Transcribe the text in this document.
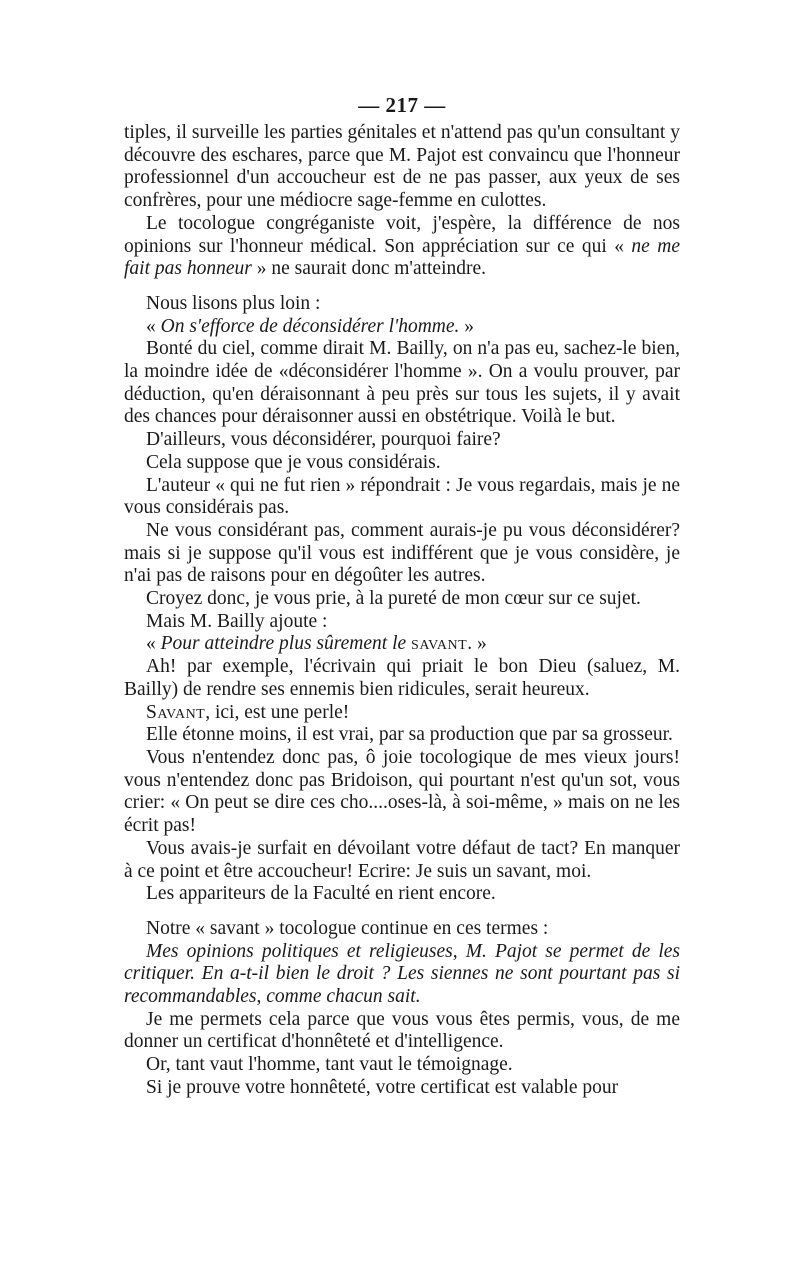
— 217 —

tiples, il surveille les parties génitales et n'attend pas qu'un consultant y découvre des eschares, parce que M. Pajot est convaincu que l'honneur professionnel d'un accoucheur est de ne pas passer, aux yeux de ses confrères, pour une médiocre sage-femme en culottes.

Le tocologue congréganiste voit, j'espère, la différence de nos opinions sur l'honneur médical. Son appréciation sur ce qui « ne me fait pas honneur » ne saurait donc m'atteindre.

Nous lisons plus loin :

« On s'efforce de déconsidérer l'homme. »

Bonté du ciel, comme dirait M. Bailly, on n'a pas eu, sachez-le bien, la moindre idée de «déconsidérer l'homme ». On a voulu prouver, par déduction, qu'en déraisonnant à peu près sur tous les sujets, il y avait des chances pour déraisonner aussi en obstétrique. Voilà le but.

D'ailleurs, vous déconsidérer, pourquoi faire?

Cela suppose que je vous considérais.

L'auteur « qui ne fut rien » répondrait : Je vous regardais, mais je ne vous considérais pas.

Ne vous considérant pas, comment aurais-je pu vous déconsidérer? mais si je suppose qu'il vous est indifférent que je vous considère, je n'ai pas de raisons pour en dégoûter les autres.

Croyez donc, je vous prie, à la pureté de mon cœur sur ce sujet.

Mais M. Bailly ajoute :

« Pour atteindre plus sûrement le savant. »

Ah! par exemple, l'écrivain qui priait le bon Dieu (saluez, M. Bailly) de rendre ses ennemis bien ridicules, serait heureux.

Savant, ici, est une perle!

Elle étonne moins, il est vrai, par sa production que par sa grosseur.

Vous n'entendez donc pas, ô joie tocologique de mes vieux jours! vous n'entendez donc pas Bridoison, qui pourtant n'est qu'un sot, vous crier: « On peut se dire ces cho....oses-là, à soi-même, » mais on ne les écrit pas!

Vous avais-je surfait en dévoilant votre défaut de tact? En manquer à ce point et être accoucheur! Ecrire: Je suis un savant, moi.

Les appariteurs de la Faculté en rient encore.

Notre « savant » tocologue continue en ces termes :

Mes opinions politiques et religieuses, M. Pajot se permet de les critiquer. En a-t-il bien le droit ? Les siennes ne sont pourtant pas si recommandables, comme chacun sait.

Je me permets cela parce que vous vous êtes permis, vous, de me donner un certificat d'honnêteté et d'intelligence.

Or, tant vaut l'homme, tant vaut le témoignage.

Si je prouve votre honnêteté, votre certificat est valable pour
